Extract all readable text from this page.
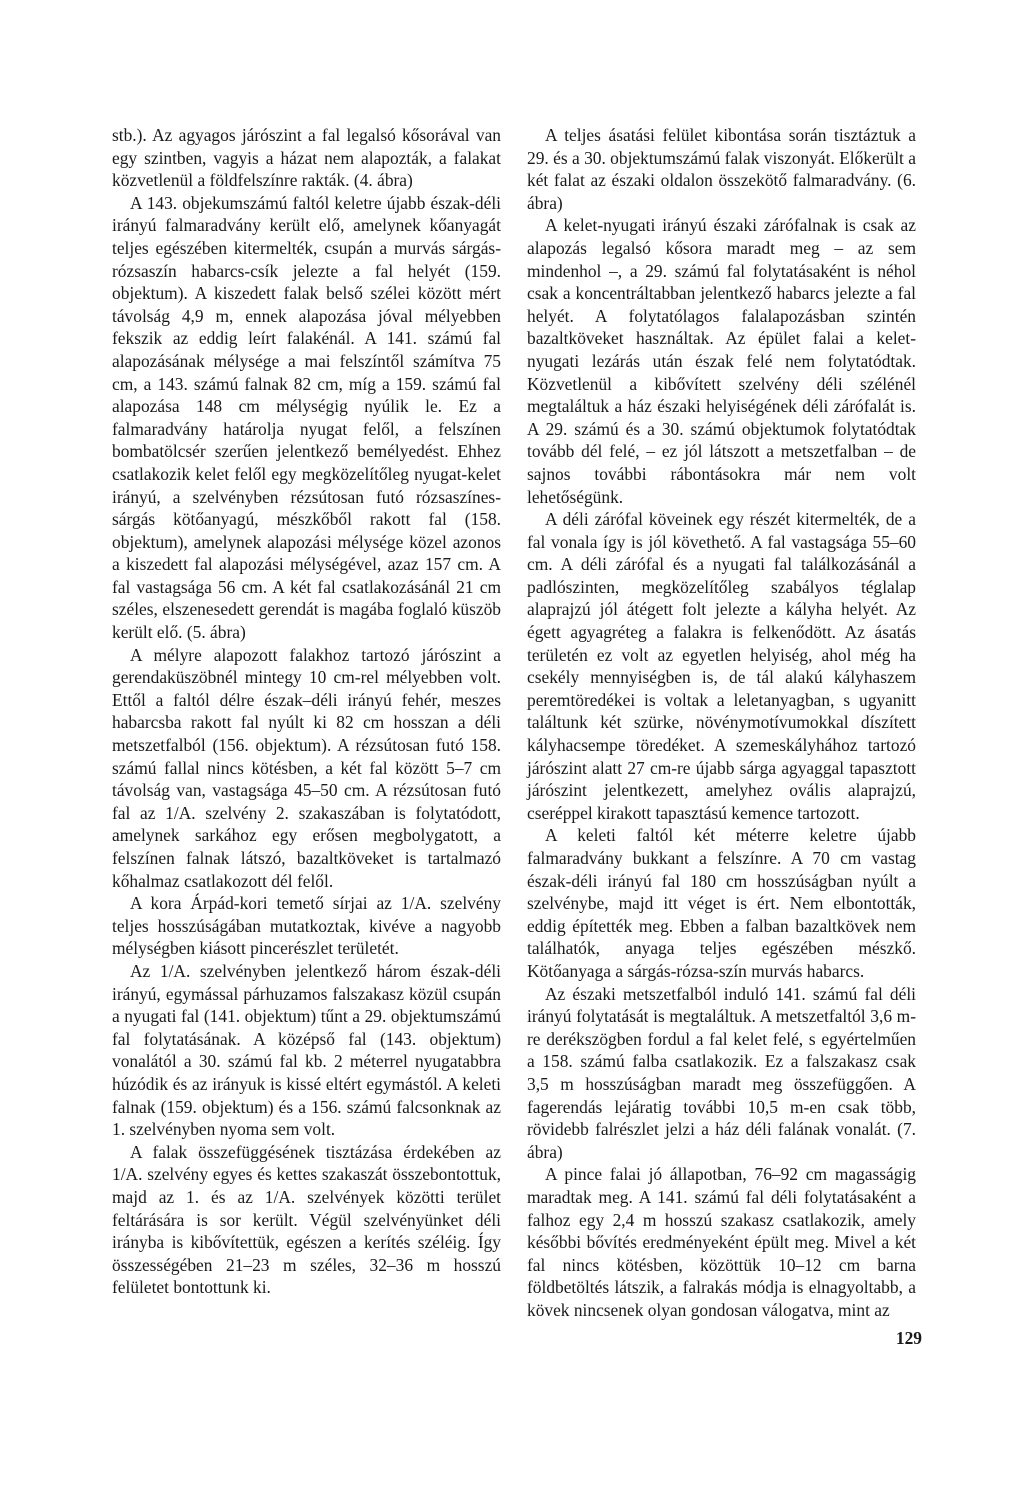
stb.). Az agyagos járószint a fal legalsó kősorával van egy szintben, vagyis a házat nem alapozták, a falakat közvetlenül a földfelszínre rakták. (4. ábra)

A 143. objekumszámú faltól keletre újabb észak-déli irányú falmaradvány került elő, amelynek kőanyagát teljes egészében kitermelték, csupán a murvás sárgás-rózsaszín habarcs-csík jelezte a fal helyét (159. objektum). A kiszedett falak belső szélei között mért távolság 4,9 m, ennek alapozása jóval mélyebben fekszik az eddig leírt falakénál. A 141. számú fal alapozásának mélysége a mai felszíntől számítva 75 cm, a 143. számú falnak 82 cm, míg a 159. számú fal alapozása 148 cm mélységig nyúlik le. Ez a falmaradvány határolja nyugat felől, a felszínen bombatölcsér szerűen jelentkező bemélyedést. Ehhez csatlakozik kelet felől egy megközelítőleg nyugat-kelet irányú, a szelvényben rézsútosan futó rózsaszínes-sárgás kötőanyagú, mészkőből rakott fal (158. objektum), amelynek alapozási mélysége közel azonos a kiszedett fal alapozási mélységével, azaz 157 cm. A fal vastagsága 56 cm. A két fal csatlakozásánál 21 cm széles, elszenesedett gerendát is magába foglaló küszöb került elő. (5. ábra)

A mélyre alapozott falakhoz tartozó járószint a gerendaküszöbnél mintegy 10 cm-rel mélyebben volt. Ettől a faltól délre észak–déli irányú fehér, meszes habarcsba rakott fal nyúlt ki 82 cm hosszan a déli metszetfalból (156. objektum). A rézsútosan futó 158. számú fallal nincs kötésben, a két fal között 5–7 cm távolság van, vastagsága 45–50 cm. A rézsútosan futó fal az 1/A. szelvény 2. szakaszában is folytatódott, amelynek sarkához egy erősen megbolygatott, a felszínen falnak látszó, bazaltköveket is tartalmazó kőhalmaz csatlakozott dél felől.

A kora Árpád-kori temető sírjai az 1/A. szelvény teljes hosszúságában mutatkoztak, kivéve a nagyobb mélységben kiásott pincerészlet területét.

Az 1/A. szelvényben jelentkező három észak-déli irányú, egymással párhuzamos falszakasz közül csupán a nyugati fal (141. objektum) tűnt a 29. objektumszámú fal folytatásának. A középső fal (143. objektum) vonalától a 30. számú fal kb. 2 méterrel nyugatabbra húzódik és az irányuk is kissé eltért egymástól. A keleti falnak (159. objektum) és a 156. számú falcsonknak az 1. szelvényben nyoma sem volt.

A falak összefüggésének tisztázása érdekében az 1/A. szelvény egyes és kettes szakaszát összebontottuk, majd az 1. és az 1/A. szelvények közötti terület feltárására is sor került. Végül szelvényünket déli irányba is kibővítettük, egészen a kerítés széléig. Így összességében 21–23 m széles, 32–36 m hosszú felületet bontottunk ki.

A teljes ásatási felület kibontása során tisztáztuk a 29. és a 30. objektumszámú falak viszonyát. Előkerült a két falat az északi oldalon összekötő falmaradvány. (6. ábra)

A kelet-nyugati irányú északi zárófalnak is csak az alapozás legalsó kősora maradt meg – az sem mindenhol –, a 29. számú fal folytatásaként is néhol csak a koncentráltabban jelentkező habarcs jelezte a fal helyét. A folytatólagos falalapozásban szintén bazaltköveket használtak. Az épület falai a kelet-nyugati lezárás után észak felé nem folytatódtak. Közvetlenül a kibővített szelvény déli szélénél megtaláltuk a ház északi helyiségének déli zárófalát is. A 29. számú és a 30. számú objektumok folytatódtak tovább dél felé, – ez jól látszott a metszetfalban – de sajnos további rábontásokra már nem volt lehetőségünk.

A déli zárófal köveinek egy részét kitermelték, de a fal vonala így is jól követhető. A fal vastagsága 55–60 cm. A déli zárófal és a nyugati fal találkozásánál a padlószinten, megközelítőleg szabályos téglalap alaprajzú jól átégett folt jelezte a kályha helyét. Az égett agyagréteg a falakra is felkenődött. Az ásatás területén ez volt az egyetlen helyiség, ahol még ha csekély mennyiségben is, de tál alakú kályhaszem peremtöredékei is voltak a leletanyagban, s ugyanitt találtunk két szürke, növénymotívumokkal díszített kályhacsempe töredéket. A szemeskályhához tartozó járószint alatt 27 cm-re újabb sárga agyaggal tapasztott járószint jelentkezett, amelyhez ovális alaprajzú, cseréppel kirakott tapasztású kemence tartozott.

A keleti faltól két méterre keletre újabb falmaradvány bukkant a felszínre. A 70 cm vastag észak-déli irányú fal 180 cm hosszúságban nyúlt a szelvénybe, majd itt véget is ért. Nem elbontották, eddig építették meg. Ebben a falban bazaltkövek nem találhatók, anyaga teljes egészében mészkő. Kötőanyaga a sárgás-rózsa-szín murvás habarcs.

Az északi metszetfalból induló 141. számú fal déli irányú folytatását is megtaláltuk. A metszetfaltól 3,6 m-re derékszögben fordul a fal kelet felé, s egyértelműen a 158. számú falba csatlakozik. Ez a falszakasz csak 3,5 m hosszúságban maradt meg összefüggően. A fagerendás lejáratig további 10,5 m-en csak több, rövidebb falrészlet jelzi a ház déli falának vonalát. (7. ábra)

A pince falai jó állapotban, 76–92 cm magasságig maradtak meg. A 141. számú fal déli folytatásaként a falhoz egy 2,4 m hosszú szakasz csatlakozik, amely későbbi bővítés eredményeként épült meg. Mivel a két fal nincs kötésben, közöttük 10–12 cm barna földbetöltés látszik, a falrakás módja is elnagyoltabb, a kövek nincsenek olyan gondosan válogatva, mint az

129
